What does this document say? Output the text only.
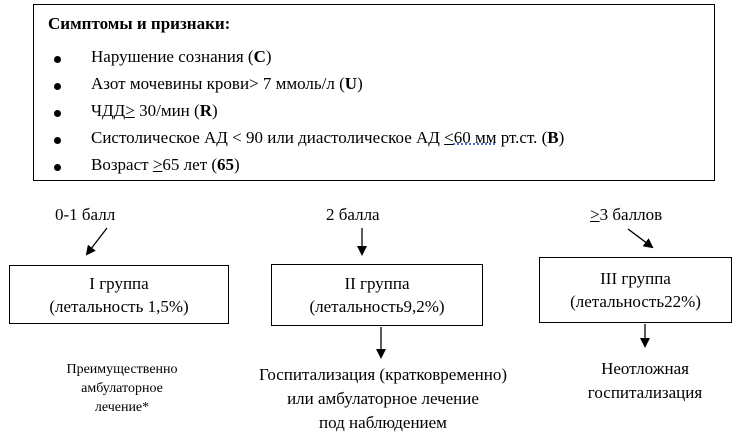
Симптомы и признаки:
Нарушение сознания (C)
Азот мочевины крови> 7 ммоль/л (U)
ЧДД> 30/мин (R)
Систолическое АД < 90 или диастолическое АД <60 мм рт.ст. (B)
Возраст >65 лет (65)
0-1 балл	2 балла	>3 баллов
I группа
(летальность 1,5%)
II группа
(летальность9,2%)
III группа
(летальность22%)
Преимущественно
амбулаторное
лечение*
Госпитализация (кратковременно)
или амбулаторное лечение
под наблюдением
Неотложная
госпитализация
